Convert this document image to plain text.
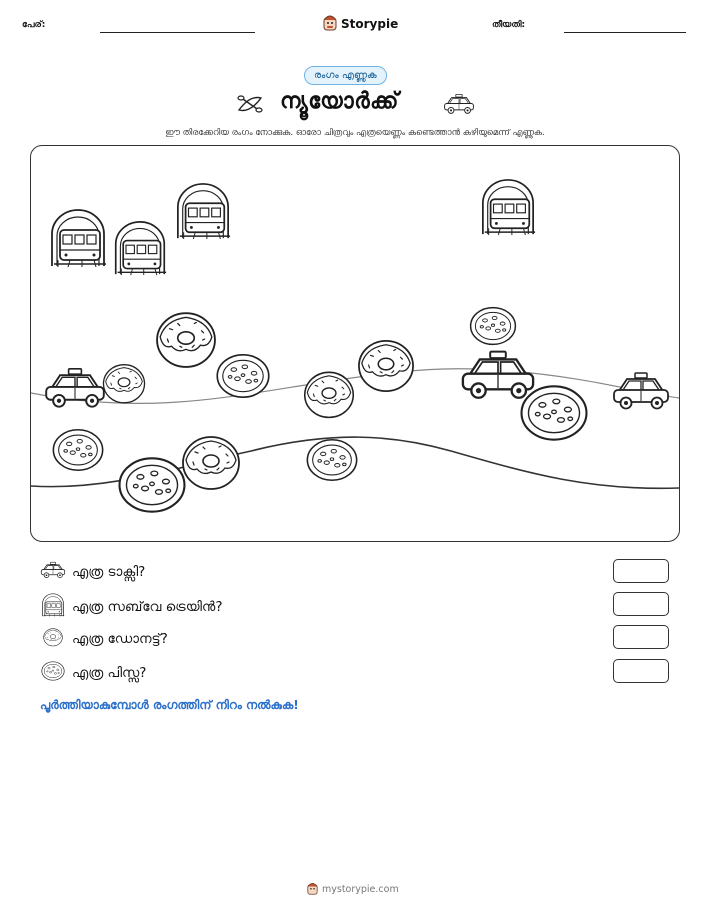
പേര്:	Storypie	തീയതി:
രംഗം എണ്ണുക
ന്യൂയോർക്ക്
ഈ തിരക്കേറിയ രംഗം നോക്കുക. ഓരോ ചിത്രവും എത്രയെണ്ണം കണ്ടെത്താൻ കഴിയുമെന്ന് എണ്ണുക.
എത്ര ടാക്സി?
എത്ര സബ്‌വേ ട്രെയിൻ?
എത്ര ഡോനട്ട്?
എത്ര പിസ്സ?
പൂർത്തിയാകുമ്പോൾ രംഗത്തിന് നിറം നൽകുക!
mystorypie.com
